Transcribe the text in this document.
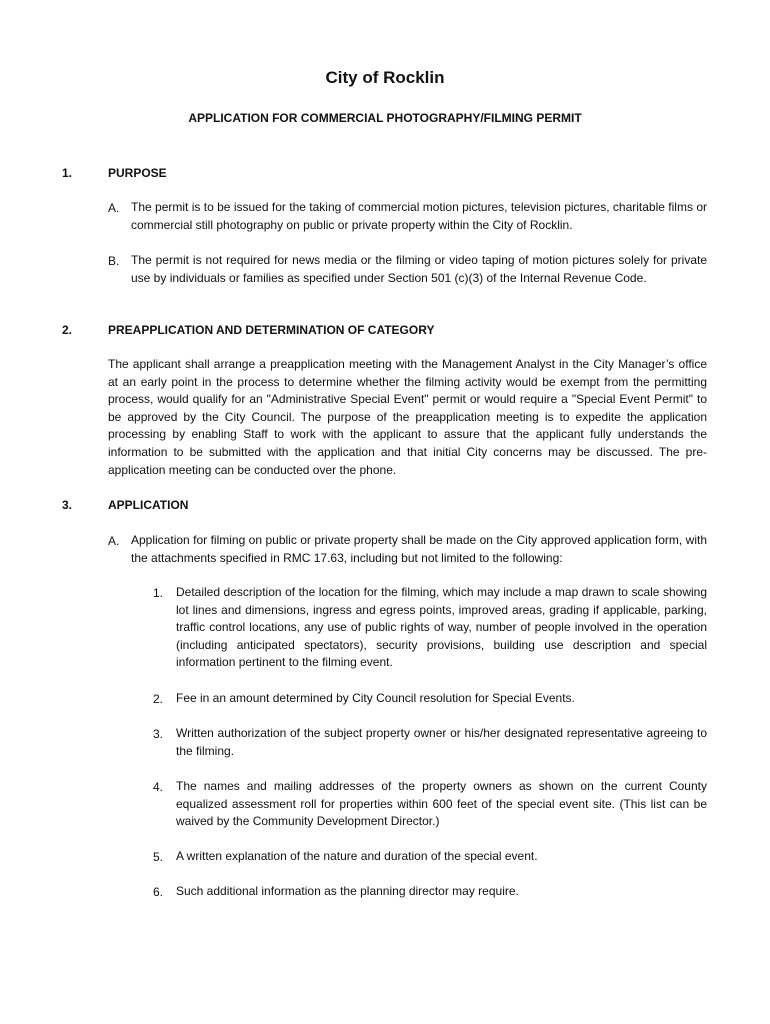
City of Rocklin
APPLICATION FOR COMMERCIAL PHOTOGRAPHY/FILMING PERMIT
1.	PURPOSE
A. The permit is to be issued for the taking of commercial motion pictures, television pictures, charitable films or commercial still photography on public or private property within the City of Rocklin.
B. The permit is not required for news media or the filming or video taping of motion pictures solely for private use by individuals or families as specified under Section 501 (c)(3) of the Internal Revenue Code.
2.	PREAPPLICATION AND DETERMINATION OF CATEGORY
The applicant shall arrange a preapplication meeting with the Management Analyst in the City Manager’s office at an early point in the process to determine whether the filming activity would be exempt from the permitting process, would qualify for an "Administrative Special Event" permit or would require a "Special Event Permit" to be approved by the City Council. The purpose of the preapplication meeting is to expedite the application processing by enabling Staff to work with the applicant to assure that the applicant fully understands the information to be submitted with the application and that initial City concerns may be discussed. The pre-application meeting can be conducted over the phone.
3.	APPLICATION
A. Application for filming on public or private property shall be made on the City approved application form, with the attachments specified in RMC 17.63, including but not limited to the following:
1. Detailed description of the location for the filming, which may include a map drawn to scale showing lot lines and dimensions, ingress and egress points, improved areas, grading if applicable, parking, traffic control locations, any use of public rights of way, number of people involved in the operation (including anticipated spectators), security provisions, building use description and special information pertinent to the filming event.
2. Fee in an amount determined by City Council resolution for Special Events.
3. Written authorization of the subject property owner or his/her designated representative agreeing to the filming.
4. The names and mailing addresses of the property owners as shown on the current County equalized assessment roll for properties within 600 feet of the special event site. (This list can be waived by the Community Development Director.)
5. A written explanation of the nature and duration of the special event.
6. Such additional information as the planning director may require.
